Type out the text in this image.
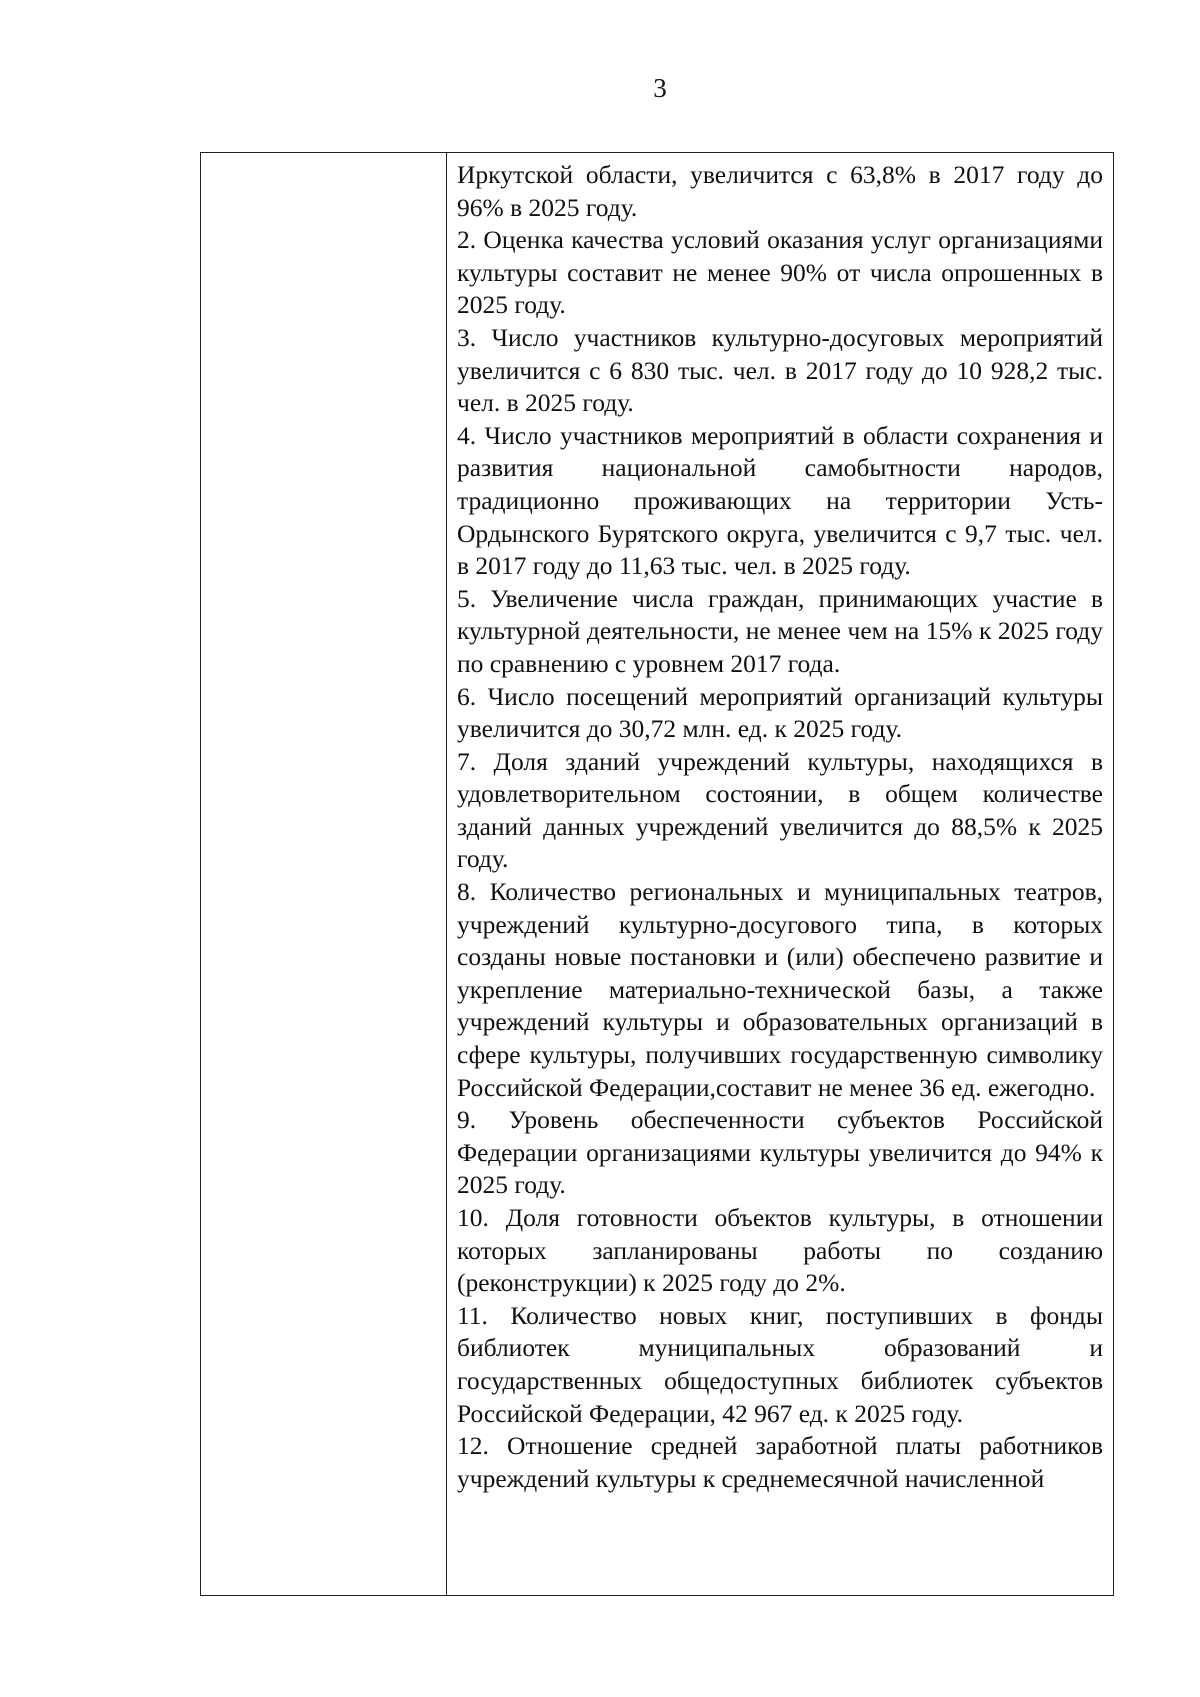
3

Иркутской области, увеличится с 63,8% в 2017 году до 96% в 2025 году.

2. Оценка качества условий оказания услуг организациями культуры составит не менее 90% от числа опрошенных в 2025 году.

3. Число участников культурно-досуговых мероприятий увеличится с 6 830 тыс. чел. в 2017 году до 10 928,2 тыс. чел. в 2025 году.

4. Число участников мероприятий в области сохранения и развития национальной самобытности народов, традиционно проживающих на территории Усть-Ордынского Бурятского округа, увеличится с 9,7 тыс. чел. в 2017 году до 11,63 тыс. чел. в 2025 году.

5. Увеличение числа граждан, принимающих участие в культурной деятельности, не менее чем на 15% к 2025 году по сравнению с уровнем 2017 года.

6. Число посещений мероприятий организаций культуры увеличится до 30,72 млн. ед. к 2025 году.

7. Доля зданий учреждений культуры, находящихся в удовлетворительном состоянии, в общем количестве зданий данных учреждений увеличится до 88,5% к 2025 году.

8. Количество региональных и муниципальных театров, учреждений культурно-досугового типа, в которых созданы новые постановки и (или) обеспечено развитие и укрепление материально-технической базы, а также учреждений культуры и образовательных организаций в сфере культуры, получивших государственную символику Российской Федерации,составит не менее 36 ед. ежегодно.

9. Уровень обеспеченности субъектов Российской Федерации организациями культуры увеличится до 94% к 2025 году.

10. Доля готовности объектов культуры, в отношении которых запланированы работы по созданию (реконструкции) к 2025 году до 2%.

11. Количество новых книг, поступивших в фонды библиотек муниципальных образований и государственных общедоступных библиотек субъектов Российской Федерации, 42 967 ед. к 2025 году.

12. Отношение средней заработной платы работников учреждений культуры к среднемесячной начисленной
